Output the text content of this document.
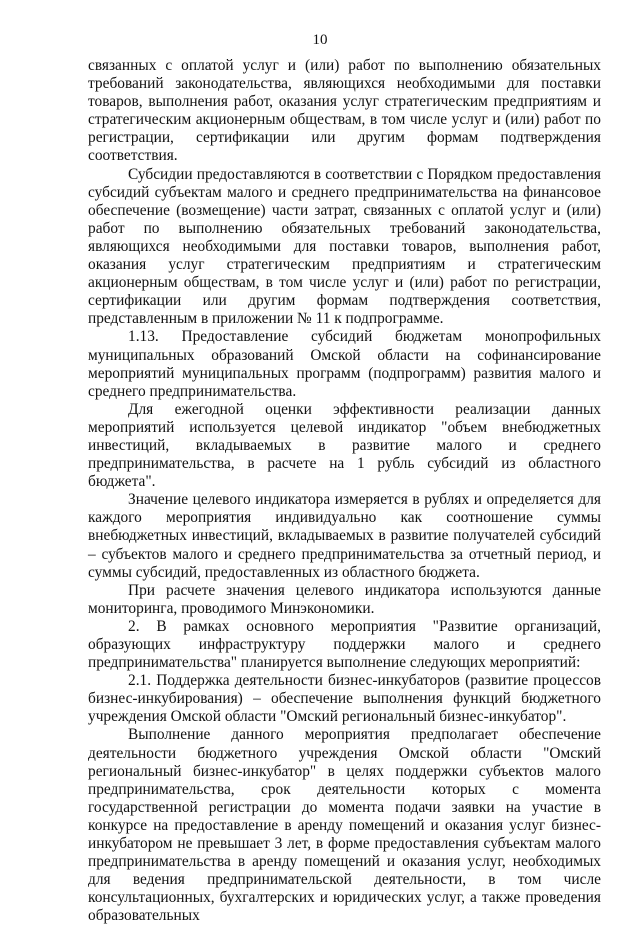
10

связанных с оплатой услуг и (или) работ по выполнению обязательных требований законодательства, являющихся необходимыми для поставки товаров, выполнения работ, оказания услуг стратегическим предприятиям и стратегическим акционерным обществам, в том числе услуг и (или) работ по регистрации, сертификации или другим формам подтверждения соответствия.

Субсидии предоставляются в соответствии с Порядком предоставления субсидий субъектам малого и среднего предпринимательства на финансовое обеспечение (возмещение) части затрат, связанных с оплатой услуг и (или) работ по выполнению обязательных требований законодательства, являющихся необходимыми для поставки товаров, выполнения работ, оказания услуг стратегическим предприятиям и стратегическим акционерным обществам, в том числе услуг и (или) работ по регистрации, сертификации или другим формам подтверждения соответствия, представленным в приложении № 11 к подпрограмме.

1.13. Предоставление субсидий бюджетам монопрофильных муниципальных образований Омской области на софинансирование мероприятий муниципальных программ (подпрограмм) развития малого и среднего предпринимательства.

Для ежегодной оценки эффективности реализации данных мероприятий используется целевой индикатор "объем внебюджетных инвестиций, вкладываемых в развитие малого и среднего предпринимательства, в расчете на 1 рубль субсидий из областного бюджета".

Значение целевого индикатора измеряется в рублях и определяется для каждого мероприятия индивидуально как соотношение суммы внебюджетных инвестиций, вкладываемых в развитие получателей субсидий – субъектов малого и среднего предпринимательства за отчетный период, и суммы субсидий, предоставленных из областного бюджета.

При расчете значения целевого индикатора используются данные мониторинга, проводимого Минэкономики.

2. В рамках основного мероприятия "Развитие организаций, образующих инфраструктуру поддержки малого и среднего предпринимательства" планируется выполнение следующих мероприятий:

2.1. Поддержка деятельности бизнес-инкубаторов (развитие процессов бизнес-инкубирования) – обеспечение выполнения функций бюджетного учреждения Омской области "Омский региональный бизнес-инкубатор".

Выполнение данного мероприятия предполагает обеспечение деятельности бюджетного учреждения Омской области "Омский региональный бизнес-инкубатор" в целях поддержки субъектов малого предпринимательства, срок деятельности которых с момента государственной регистрации до момента подачи заявки на участие в конкурсе на предоставление в аренду помещений и оказания услуг бизнес-инкубатором не превышает 3 лет, в форме предоставления субъектам малого предпринимательства в аренду помещений и оказания услуг, необходимых для ведения предпринимательской деятельности, в том числе консультационных, бухгалтерских и юридических услуг, а также проведения образовательных
